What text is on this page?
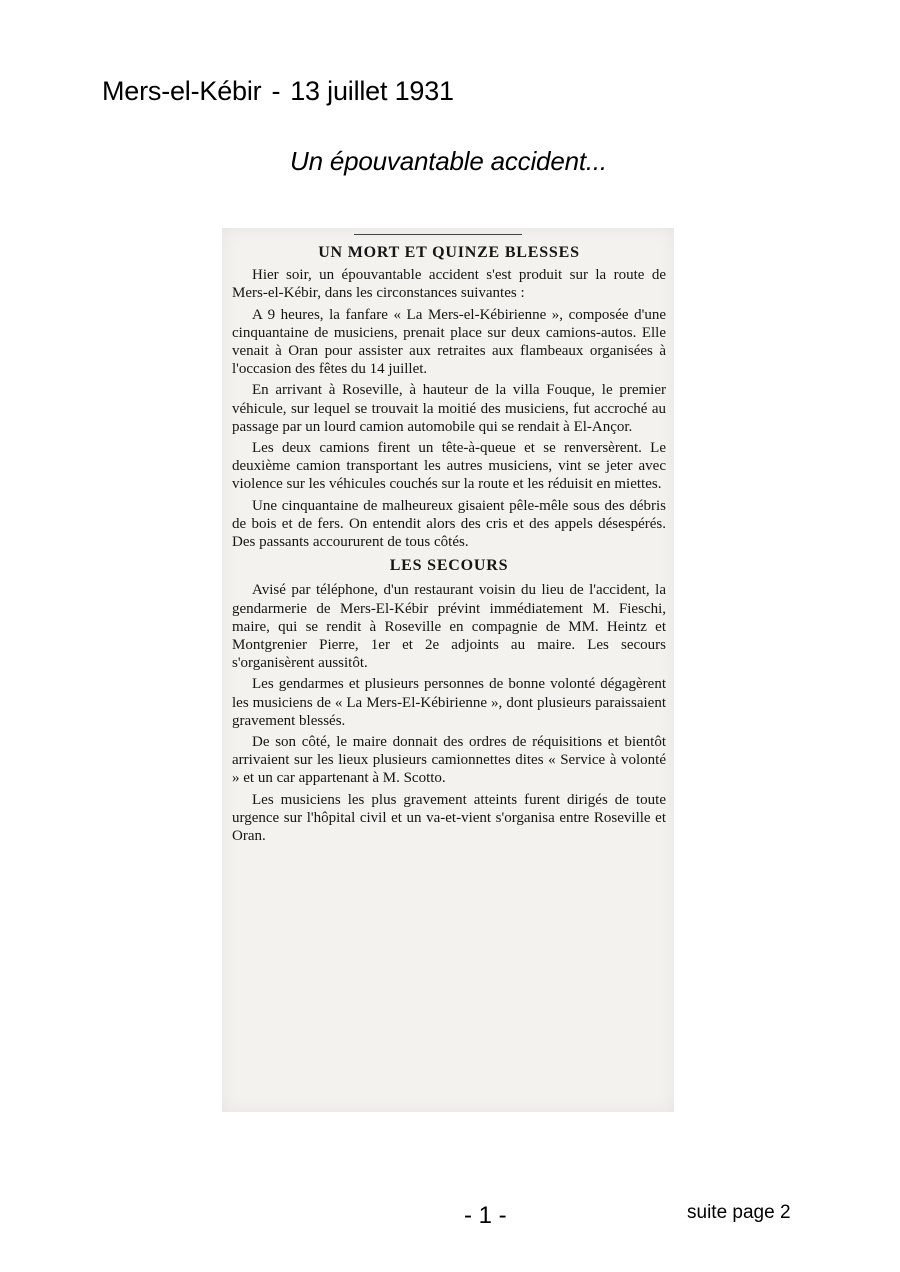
Mers-el-Kébir - 13 juillet 1931
Un épouvantable accident...

UN MORT ET QUINZE BLESSES

Hier soir, un épouvantable accident s'est produit sur la route de Mers-el-Kébir, dans les circonstances suivantes :

A 9 heures, la fanfare « La Mers-el-Kébirienne », composée d'une cinquantaine de musiciens, prenait place sur deux camions-autos. Elle venait à Oran pour assister aux retraites aux flambeaux organisées à l'occasion des fêtes du 14 juillet.

En arrivant à Roseville, à hauteur de la villa Fouque, le premier véhicule, sur lequel se trouvait la moitié des musiciens, fut accroché au passage par un lourd camion automobile qui se rendait à El-Ançor.

Les deux camions firent un tête-à-queue et se renversèrent. Le deuxième camion transportant les autres musiciens, vint se jeter avec violence sur les véhicules couchés sur la route et les réduisit en miettes.

Une cinquantaine de malheureux gisaient pêle-mêle sous des débris de bois et de fers. On entendit alors des cris et des appels désespérés. Des passants accoururent de tous côtés.

LES SECOURS

Avisé par téléphone, d'un restaurant voisin du lieu de l'accident, la gendarmerie de Mers-El-Kébir prévint immédiatement M. Fieschi, maire, qui se rendit à Roseville en compagnie de MM. Heintz et Montgrenier Pierre, 1er et 2e adjoints au maire. Les secours s'organisèrent aussitôt.

Les gendarmes et plusieurs personnes de bonne volonté dégagèrent les musiciens de « La Mers-El-Kébirienne », dont plusieurs paraissaient gravement blessés.

De son côté, le maire donnait des ordres de réquisitions et bientôt arrivaient sur les lieux plusieurs camionnettes dites « Service à volonté » et un car appartenant à M. Scotto.

Les musiciens les plus gravement atteints furent dirigés de toute urgence sur l'hôpital civil et un va-et-vient s'organisa entre Roseville et Oran.

- 1 -	suite page 2
